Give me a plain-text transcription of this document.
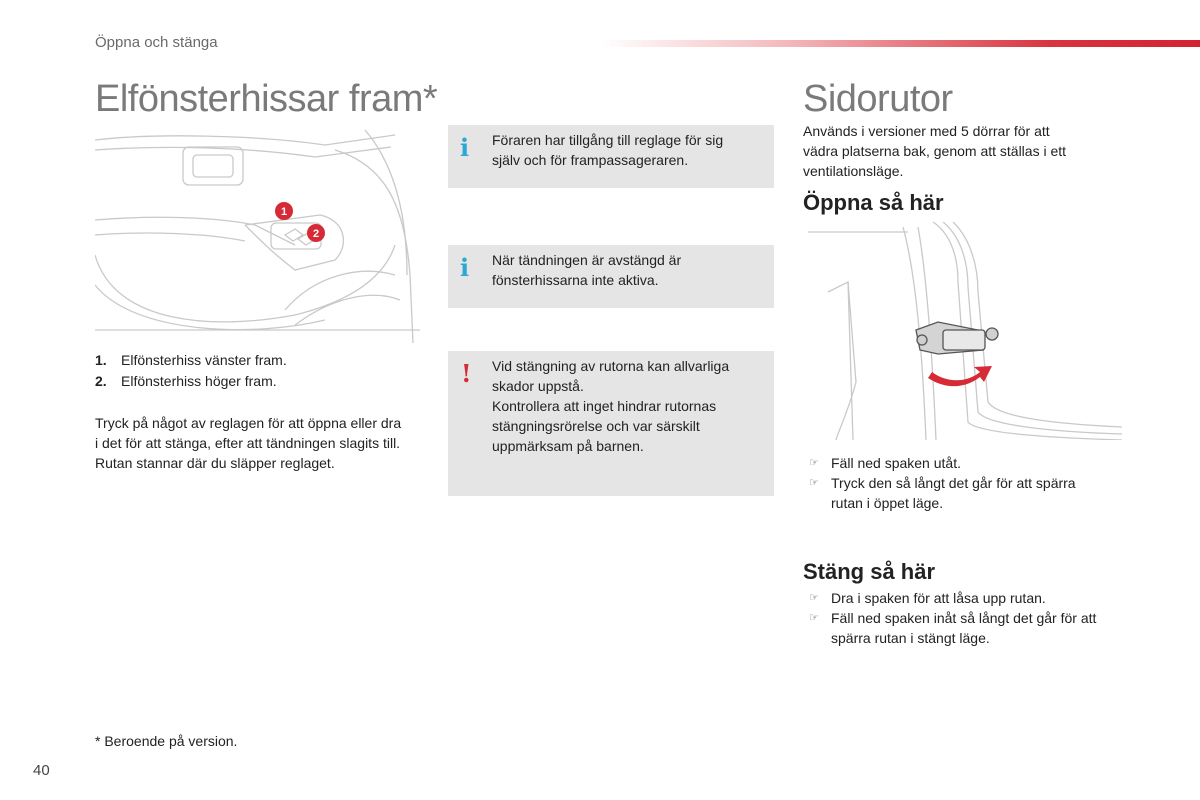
Öppna och stänga
Elfönsterhissar fram*
1
2
1. Elfönsterhiss vänster fram.
2. Elfönsterhiss höger fram.
Tryck på något av reglagen för att öppna eller dra
i det för att stänga, efter att tändningen slagits till.
Rutan stannar där du släpper reglaget.
i Föraren har tillgång till reglage för sig
själv och för frampassageraren.
i När tändningen är avstängd är
fönsterhissarna inte aktiva.
! Vid stängning av rutorna kan allvarliga
skador uppstå.
Kontrollera att inget hindrar rutornas
stängningsrörelse och var särskilt
uppmärksam på barnen.
Sidorutor
Används i versioner med 5 dörrar för att
vädra platserna bak, genom att ställas i ett
ventilationsläge.
Öppna så här
☞ Fäll ned spaken utåt.
☞ Tryck den så långt det går för att spärra
rutan i öppet läge.
Stäng så här
☞ Dra i spaken för att låsa upp rutan.
☞ Fäll ned spaken inåt så långt det går för att
spärra rutan i stängt läge.
* Beroende på version.
40
